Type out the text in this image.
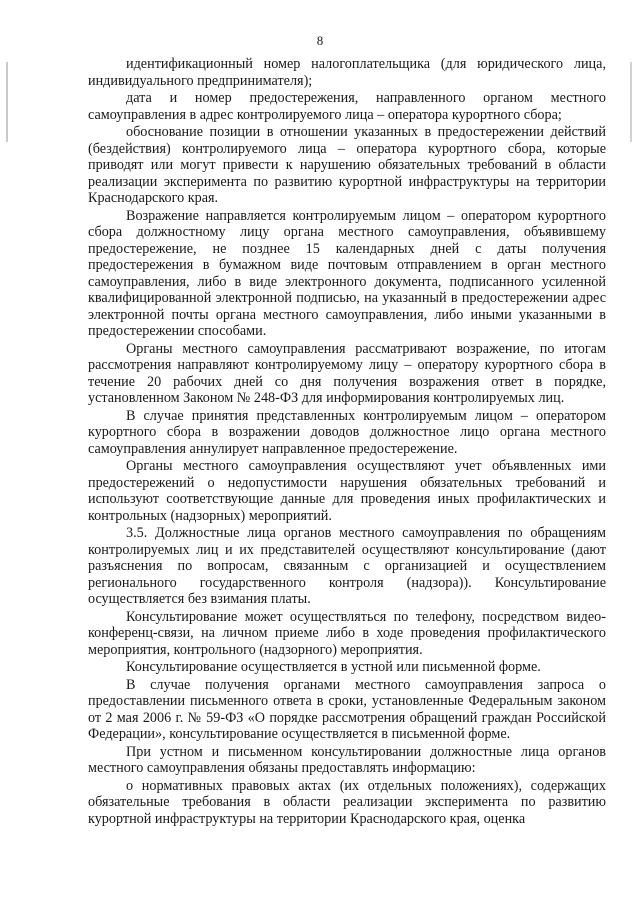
8

идентификационный номер налогоплательщика (для юридического лица, индивидуального предпринимателя);

дата и номер предостережения, направленного органом местного самоуправления в адрес контролируемого лица – оператора курортного сбора;

обоснование позиции в отношении указанных в предостережении действий (бездействия) контролируемого лица – оператора курортного сбора, которые приводят или могут привести к нарушению обязательных требований в области реализации эксперимента по развитию курортной инфраструктуры на территории Краснодарского края.

Возражение направляется контролируемым лицом – оператором курортного сбора должностному лицу органа местного самоуправления, объявившему предостережение, не позднее 15 календарных дней с даты получения предостережения в бумажном виде почтовым отправлением в орган местного самоуправления, либо в виде электронного документа, подписанного усиленной квалифицированной электронной подписью, на указанный в предостережении адрес электронной почты органа местного самоуправления, либо иными указанными в предостережении способами.

Органы местного самоуправления рассматривают возражение, по итогам рассмотрения направляют контролируемому лицу – оператору курортного сбора в течение 20 рабочих дней со дня получения возражения ответ в порядке, установленном Законом № 248-ФЗ для информирования контролируемых лиц.

В случае принятия представленных контролируемым лицом – оператором курортного сбора в возражении доводов должностное лицо органа местного самоуправления аннулирует направленное предостережение.

Органы местного самоуправления осуществляют учет объявленных ими предостережений о недопустимости нарушения обязательных требований и используют соответствующие данные для проведения иных профилактических и контрольных (надзорных) мероприятий.

3.5. Должностные лица органов местного самоуправления по обращениям контролируемых лиц и их представителей осуществляют консультирование (дают разъяснения по вопросам, связанным с организацией и осуществлением регионального государственного контроля (надзора)). Консультирование осуществляется без взимания платы.

Консультирование может осуществляться по телефону, посредством видео-конференц-связи, на личном приеме либо в ходе проведения профилактического мероприятия, контрольного (надзорного) мероприятия.

Консультирование осуществляется в устной или письменной форме.

В случае получения органами местного самоуправления запроса о предоставлении письменного ответа в сроки, установленные Федеральным законом от 2 мая 2006 г. № 59-ФЗ «О порядке рассмотрения обращений граждан Российской Федерации», консультирование осуществляется в письменной форме.

При устном и письменном консультировании должностные лица органов местного самоуправления обязаны предоставлять информацию:

о нормативных правовых актах (их отдельных положениях), содержащих обязательные требования в области реализации эксперимента по развитию курортной инфраструктуры на территории Краснодарского края, оценка
